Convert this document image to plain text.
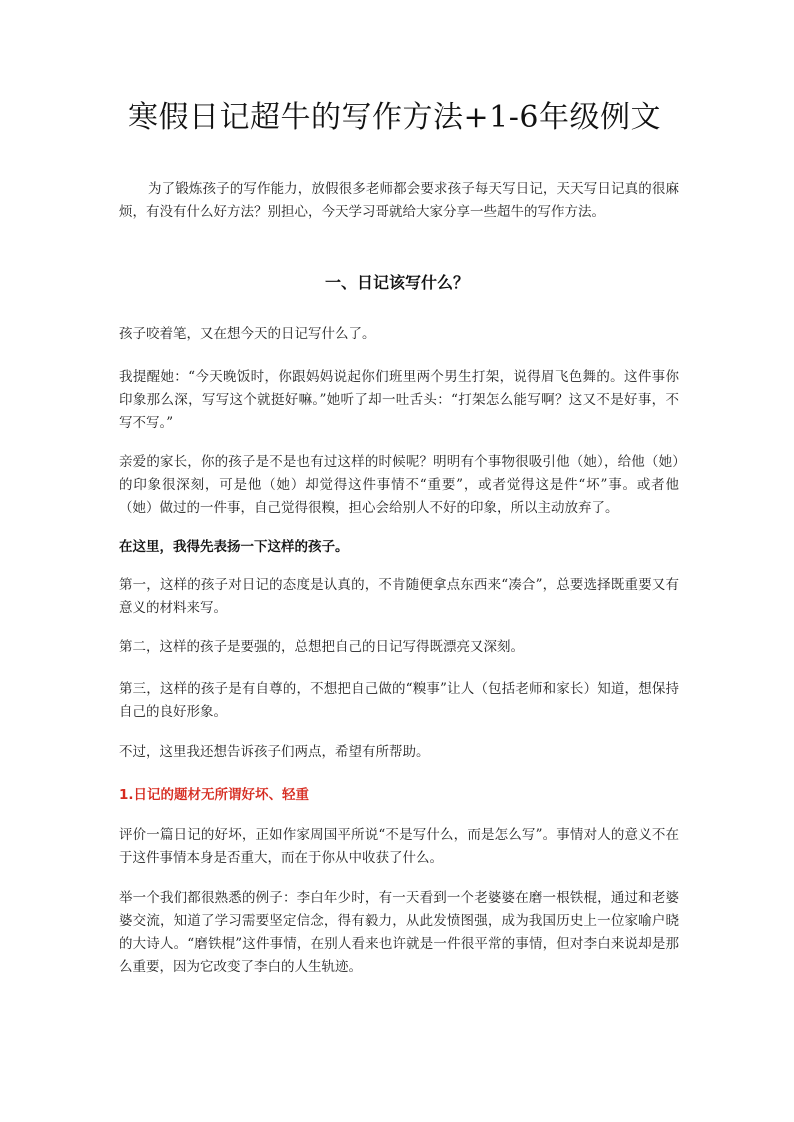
寒假日记超牛的写作方法+1-6年级例文
为了锻炼孩子的写作能力，放假很多老师都会要求孩子每天写日记，天天写日记真的很麻烦，有没有什么好方法？别担心，今天学习哥就给大家分享一些超牛的写作方法。
一、日记该写什么？
孩子咬着笔，又在想今天的日记写什么了。
我提醒她：“今天晚饭时，你跟妈妈说起你们班里两个男生打架，说得眉飞色舞的。这件事你印象那么深，写写这个就挺好嘛。”她听了却一吐舌头：“打架怎么能写啊？这又不是好事，不写不写。”
亲爱的家长，你的孩子是不是也有过这样的时候呢？明明有个事物很吸引他（她），给他（她）的印象很深刻，可是他（她）却觉得这件事情不“重要”，或者觉得这是件“坏”事。或者他（她）做过的一件事，自己觉得很糗，担心会给别人不好的印象，所以主动放弃了。
在这里，我得先表扬一下这样的孩子。
第一，这样的孩子对日记的态度是认真的，不肯随便拿点东西来“凑合”，总要选择既重要又有意义的材料来写。
第二，这样的孩子是要强的，总想把自己的日记写得既漂亮又深刻。
第三，这样的孩子是有自尊的，不想把自己做的“糗事”让人（包括老师和家长）知道，想保持自己的良好形象。
不过，这里我还想告诉孩子们两点，希望有所帮助。
1.日记的题材无所谓好坏、轻重
评价一篇日记的好坏，正如作家周国平所说“不是写什么，而是怎么写”。事情对人的意义不在于这件事情本身是否重大，而在于你从中收获了什么。
举一个我们都很熟悉的例子：李白年少时，有一天看到一个老婆婆在磨一根铁棍，通过和老婆婆交流，知道了学习需要坚定信念，得有毅力，从此发愤图强，成为我国历史上一位家喻户晓的大诗人。“磨铁棍”这件事情，在别人看来也许就是一件很平常的事情，但对李白来说却是那么重要，因为它改变了李白的人生轨迹。
